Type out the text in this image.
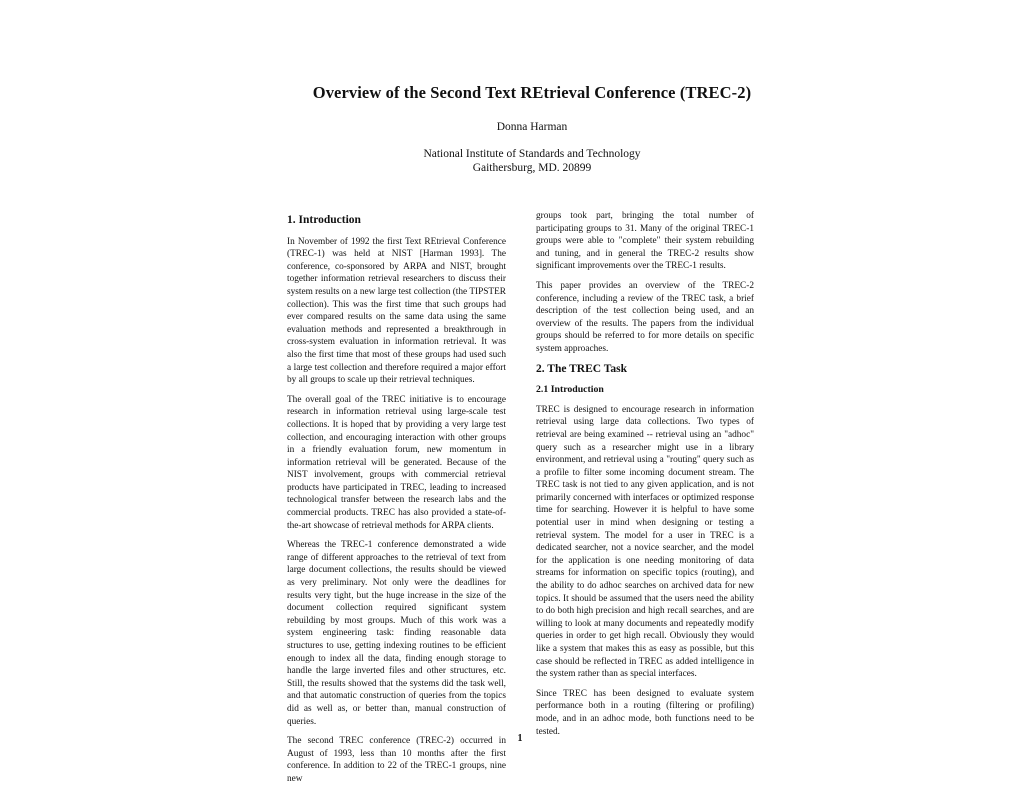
Overview of the Second Text REtrieval Conference (TREC-2)
Donna Harman
National Institute of Standards and Technology
Gaithersburg, MD. 20899
1. Introduction

In November of 1992 the first Text REtrieval Conference (TREC-1) was held at NIST [Harman 1993]. The conference, co-sponsored by ARPA and NIST, brought together information retrieval researchers to discuss their system results on a new large test collection (the TIPSTER collection). This was the first time that such groups had ever compared results on the same data using the same evaluation methods and represented a breakthrough in cross-system evaluation in information retrieval. It was also the first time that most of these groups had used such a large test collection and therefore required a major effort by all groups to scale up their retrieval techniques.

The overall goal of the TREC initiative is to encourage research in information retrieval using large-scale test collections. It is hoped that by providing a very large test collection, and encouraging interaction with other groups in a friendly evaluation forum, new momentum in information retrieval will be generated. Because of the NIST involvement, groups with commercial retrieval products have participated in TREC, leading to increased technological transfer between the research labs and the commercial products. TREC has also provided a state-of-the-art showcase of retrieval methods for ARPA clients.

Whereas the TREC-1 conference demonstrated a wide range of different approaches to the retrieval of text from large document collections, the results should be viewed as very preliminary. Not only were the deadlines for results very tight, but the huge increase in the size of the document collection required significant system rebuilding by most groups. Much of this work was a system engineering task: finding reasonable data structures to use, getting indexing routines to be efficient enough to index all the data, finding enough storage to handle the large inverted files and other structures, etc. Still, the results showed that the systems did the task well, and that automatic construction of queries from the topics did as well as, or better than, manual construction of queries.

The second TREC conference (TREC-2) occurred in August of 1993, less than 10 months after the first conference. In addition to 22 of the TREC-1 groups, nine new

groups took part, bringing the total number of participating groups to 31. Many of the original TREC-1 groups were able to "complete" their system rebuilding and tuning, and in general the TREC-2 results show significant improvements over the TREC-1 results.

This paper provides an overview of the TREC-2 conference, including a review of the TREC task, a brief description of the test collection being used, and an overview of the results. The papers from the individual groups should be referred to for more details on specific system approaches.

2. The TREC Task
2.1 Introduction

TREC is designed to encourage research in information retrieval using large data collections. Two types of retrieval are being examined -- retrieval using an "adhoc" query such as a researcher might use in a library environment, and retrieval using a "routing" query such as a profile to filter some incoming document stream. The TREC task is not tied to any given application, and is not primarily concerned with interfaces or optimized response time for searching. However it is helpful to have some potential user in mind when designing or testing a retrieval system. The model for a user in TREC is a dedicated searcher, not a novice searcher, and the model for the application is one needing monitoring of data streams for information on specific topics (routing), and the ability to do adhoc searches on archived data for new topics. It should be assumed that the users need the ability to do both high precision and high recall searches, and are willing to look at many documents and repeatedly modify queries in order to get high recall. Obviously they would like a system that makes this as easy as possible, but this case should be reflected in TREC as added intelligence in the system rather than as special interfaces.

Since TREC has been designed to evaluate system performance both in a routing (filtering or profiling) mode, and in an adhoc mode, both functions need to be tested.

1
